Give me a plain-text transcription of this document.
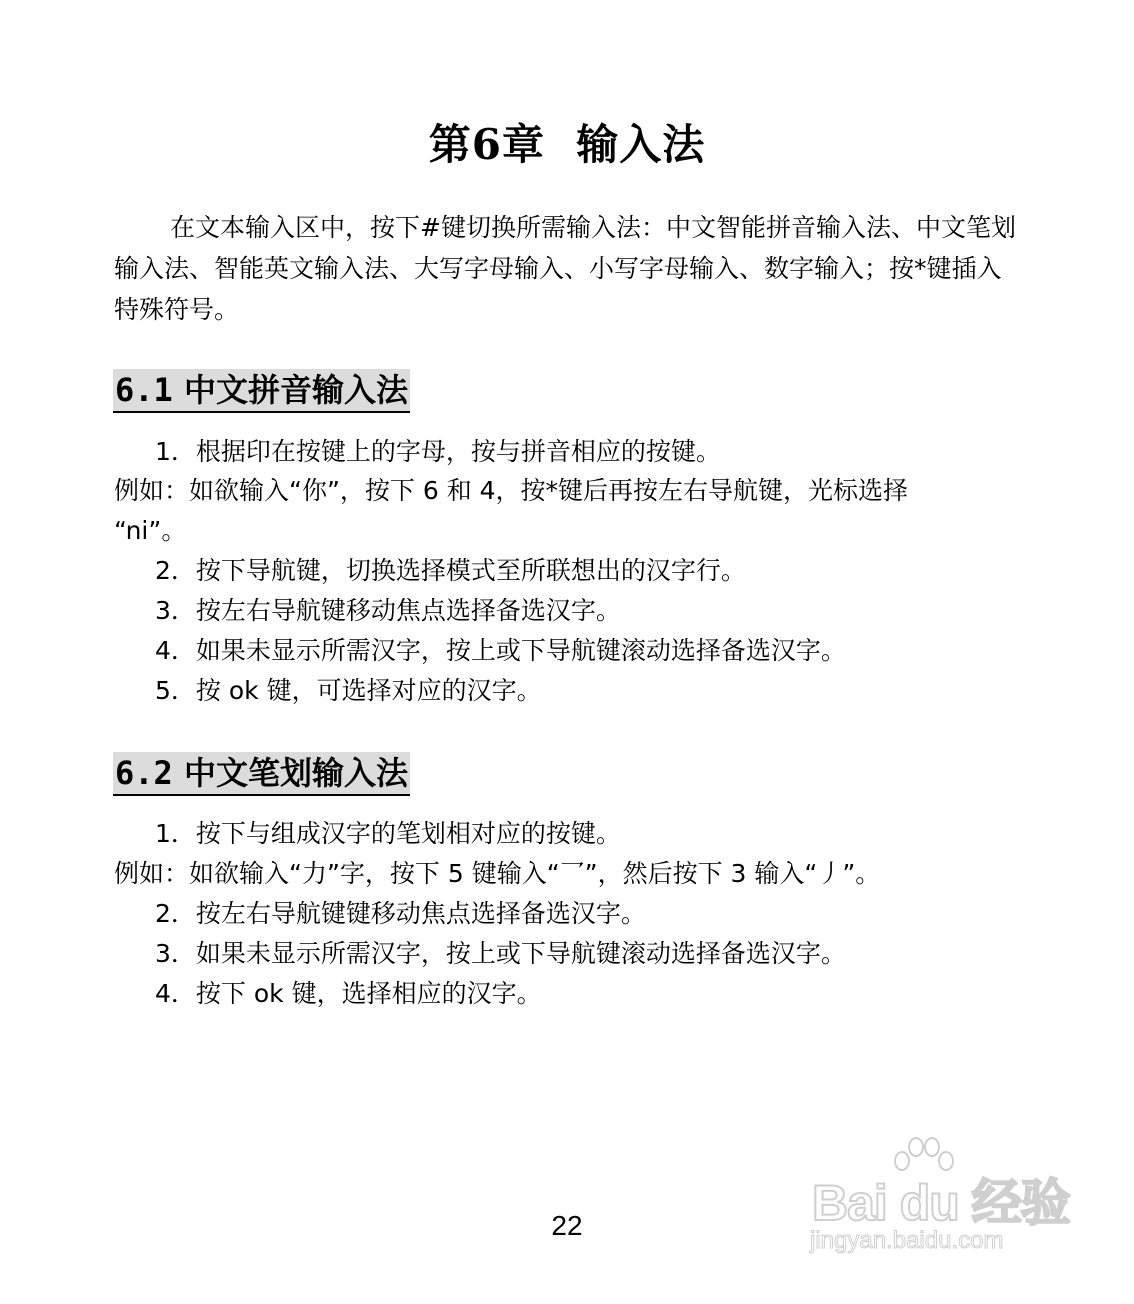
第6章  输入法

在文本输入区中，按下#键切换所需输入法：中文智能拼音输入法、中文笔划输入法、智能英文输入法、大写字母输入、小写字母输入、数字输入；按*键插入特殊符号。

6.1 中文拼音输入法
1．根据印在按键上的字母，按与拼音相应的按键。
例如：如欲输入“你”，按下 6 和 4，按*键后再按左右导航键，光标选择
“ni”。
2．按下导航键，切换选择模式至所联想出的汉字行。
3．按左右导航键移动焦点选择备选汉字。
4．如果未显示所需汉字，按上或下导航键滚动选择备选汉字。
5．按 ok 键，可选择对应的汉字。
6.2 中文笔划输入法
1．按下与组成汉字的笔划相对应的按键。
例如：如欲输入“力”字，按下 5 键输入“乛”，然后按下 3 输入“丿”。
2．按左右导航键键移动焦点选择备选汉字。
3．如果未显示所需汉字，按上或下导航键滚动选择备选汉字。
4．按下 ok 键，选择相应的汉字。
22	Bai du 经验
jingyan.baidu.com
